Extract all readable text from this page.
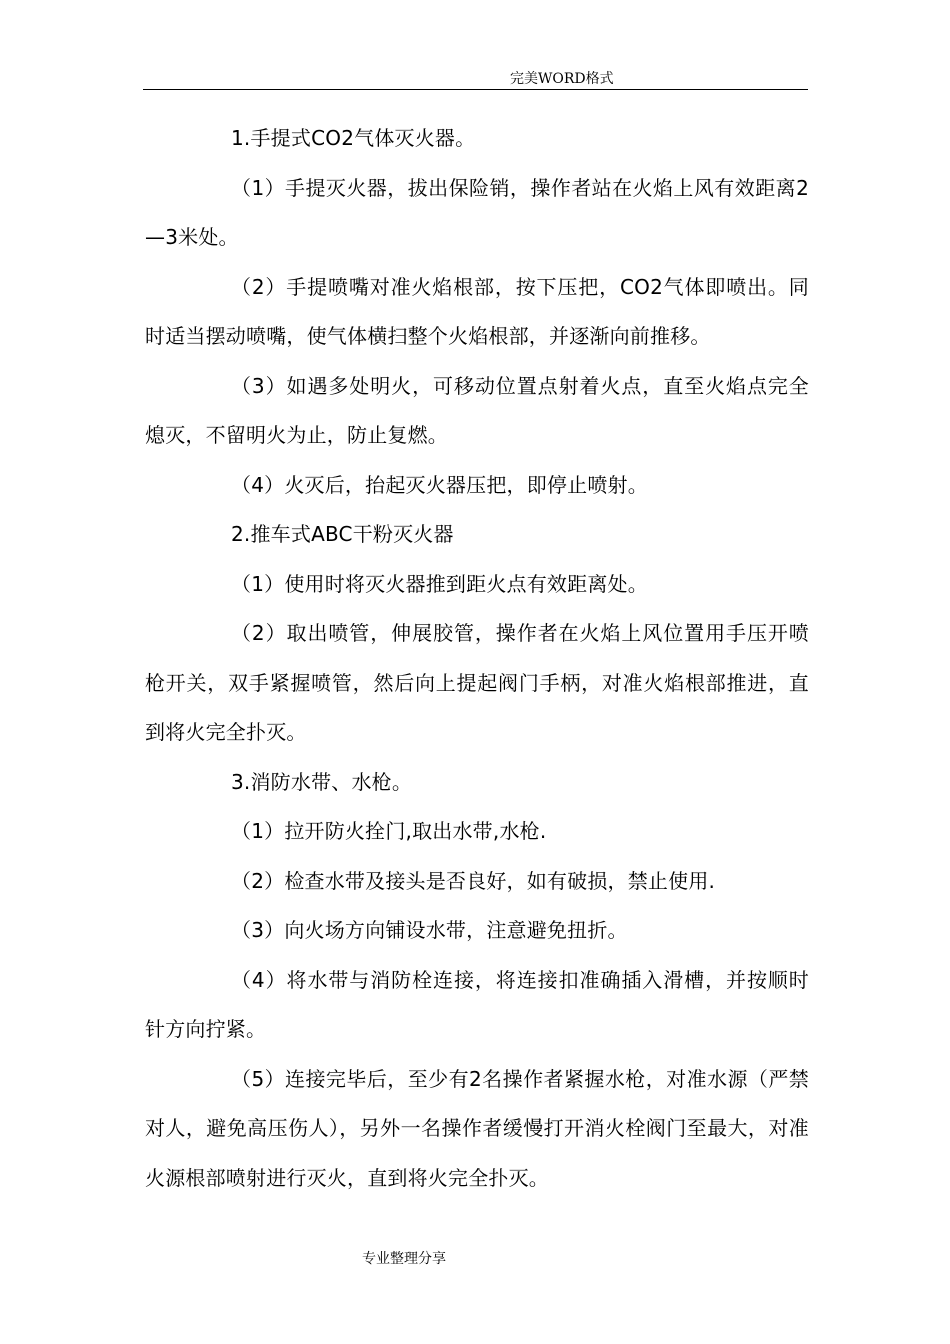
完美WORD格式

1.手提式CO2气体灭火器。

（1）手提灭火器，拔出保险销，操作者站在火焰上风有效距离2—3米处。

（2）手提喷嘴对准火焰根部，按下压把，CO2气体即喷出。同时适当摆动喷嘴，使气体横扫整个火焰根部，并逐渐向前推移。

（3）如遇多处明火，可移动位置点射着火点，直至火焰点完全熄灭，不留明火为止，防止复燃。

（4）火灭后，抬起灭火器压把，即停止喷射。

2.推车式ABC干粉灭火器

（1）使用时将灭火器推到距火点有效距离处。

（2）取出喷管，伸展胶管，操作者在火焰上风位置用手压开喷枪开关，双手紧握喷管，然后向上提起阀门手柄，对准火焰根部推进，直到将火完全扑灭。

3.消防水带、水枪。

（1）拉开防火拴门,取出水带,水枪.

（2）检查水带及接头是否良好，如有破损，禁止使用.

（3）向火场方向铺设水带，注意避免扭折。

（4）将水带与消防栓连接，将连接扣准确插入滑槽，并按顺时针方向拧紧。

（5）连接完毕后，至少有2名操作者紧握水枪，对准水源（严禁对人，避免高压伤人），另外一名操作者缓慢打开消火栓阀门至最大，对准火源根部喷射进行灭火，直到将火完全扑灭。

专业整理分享
